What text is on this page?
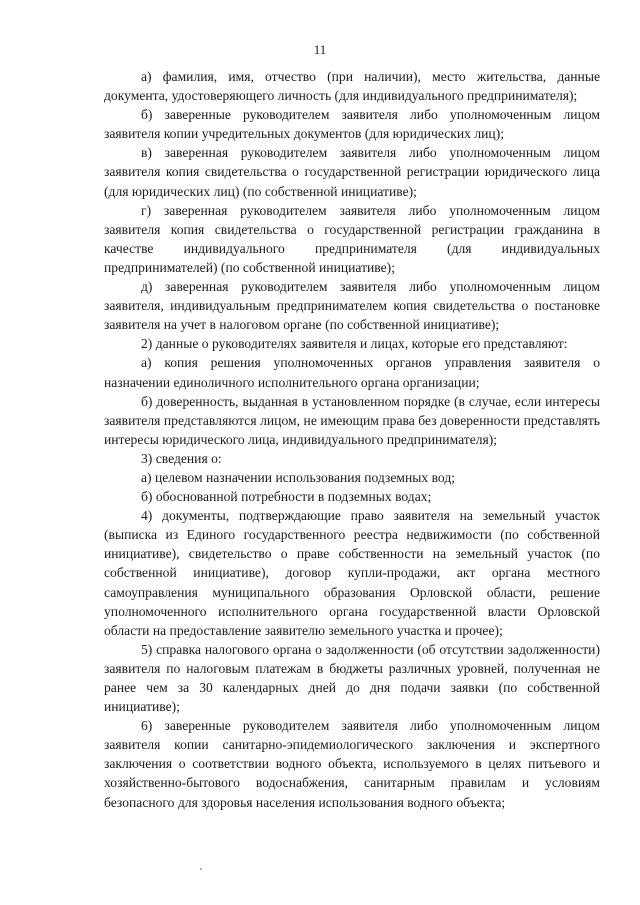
11

а) фамилия, имя, отчество (при наличии), место жительства, данные документа, удостоверяющего личность (для индивидуального предпринимателя);

б) заверенные руководителем заявителя либо уполномоченным лицом заявителя копии учредительных документов (для юридических лиц);

в) заверенная руководителем заявителя либо уполномоченным лицом заявителя копия свидетельства о государственной регистрации юридического лица (для юридических лиц) (по собственной инициативе);

г) заверенная руководителем заявителя либо уполномоченным лицом заявителя копия свидетельства о государственной регистрации гражданина в качестве индивидуального предпринимателя (для индивидуальных предпринимателей) (по собственной инициативе);

д) заверенная руководителем заявителя либо уполномоченным лицом заявителя, индивидуальным предпринимателем копия свидетельства о постановке заявителя на учет в налоговом органе (по собственной инициативе);

2) данные о руководителях заявителя и лицах, которые его представляют:

а) копия решения уполномоченных органов управления заявителя о назначении единоличного исполнительного органа организации;

б) доверенность, выданная в установленном порядке (в случае, если интересы заявителя представляются лицом, не имеющим права без доверенности представлять интересы юридического лица, индивидуального предпринимателя);

3) сведения о:

а) целевом назначении использования подземных вод;

б) обоснованной потребности в подземных водах;

4) документы, подтверждающие право заявителя на земельный участок (выписка из Единого государственного реестра недвижимости (по собственной инициативе), свидетельство о праве собственности на земельный участок (по собственной инициативе), договор купли-продажи, акт органа местного самоуправления муниципального образования Орловской области, решение уполномоченного исполнительного органа государственной власти Орловской области на предоставление заявителю земельного участка и прочее);

5) справка налогового органа о задолженности (об отсутствии задолженности) заявителя по налоговым платежам в бюджеты различных уровней, полученная не ранее чем за 30 календарных дней до дня подачи заявки (по собственной инициативе);

6) заверенные руководителем заявителя либо уполномоченным лицом заявителя копии санитарно-эпидемиологического заключения и экспертного заключения о соответствии водного объекта, используемого в целях питьевого и хозяйственно-бытового водоснабжения, санитарным правилам и условиям безопасного для здоровья населения использования водного объекта;
